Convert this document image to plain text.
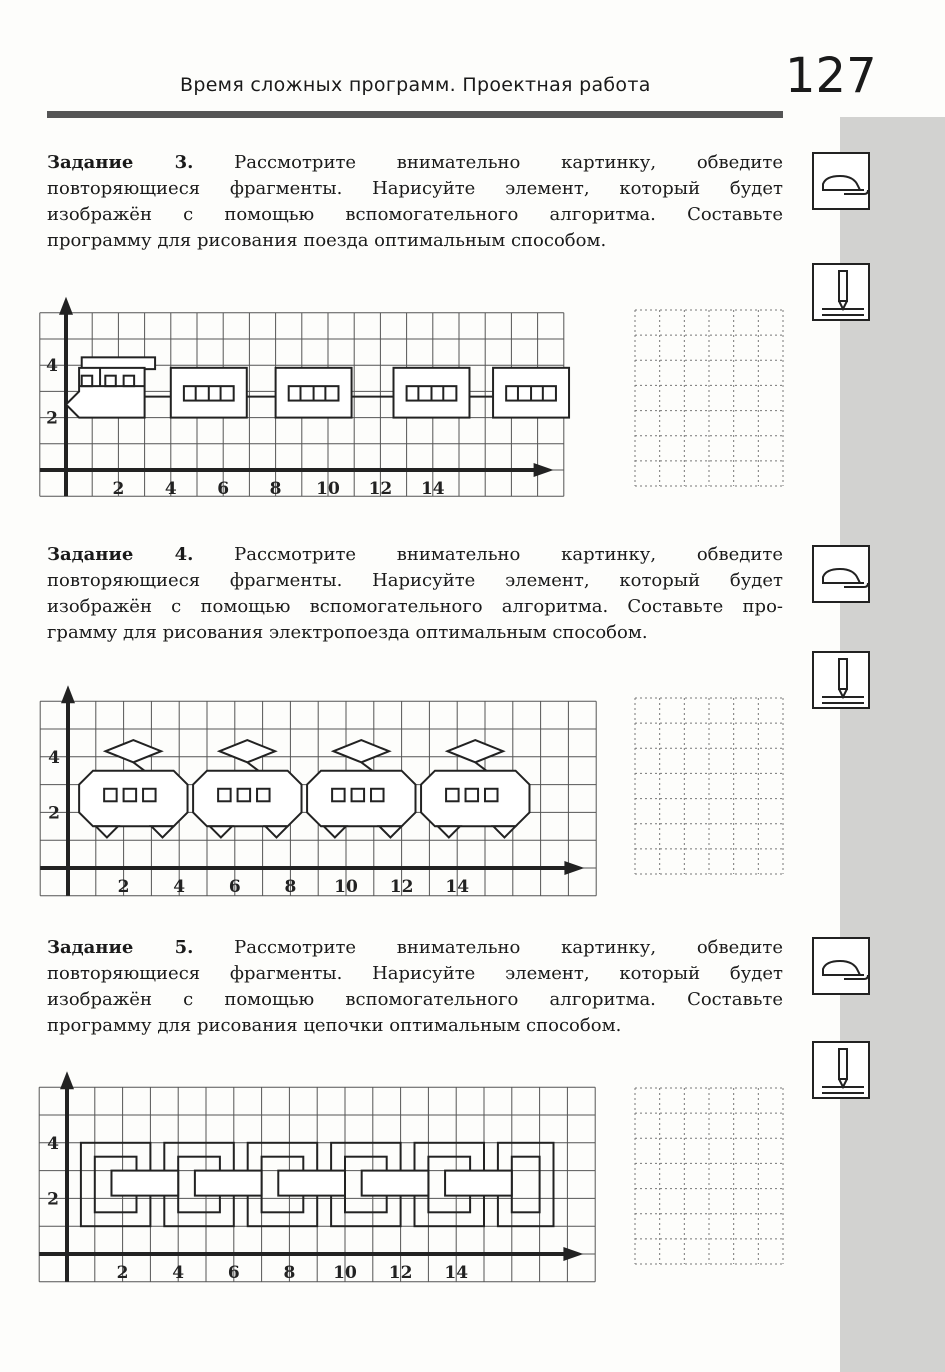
Время сложных программ. Проектная работа	127
Задание 3. Рассмотрите внимательно картинку, обведите
повторяющиеся фрагменты. Нарисуйте элемент, который будет
изображён с помощью вспомогательного алгоритма. Составьте
программу для рисования поезда оптимальным способом.
Задание 4. Рассмотрите внимательно картинку, обведите
повторяющиеся фрагменты. Нарисуйте элемент, который будет
изображён с помощью вспомогательного алгоритма. Составьте про-
грамму для рисования электропоезда оптимальным способом.
Задание 5. Рассмотрите внимательно картинку, обведите
повторяющиеся фрагменты. Нарисуйте элемент, который будет
изображён с помощью вспомогательного алгоритма. Составьте
программу для рисования цепочки оптимальным способом.
2 4 6 8 10 12 14
2
4
2	4	6	8 10 12 14
2
4
2	4	6	8 10 12 14
2
4
